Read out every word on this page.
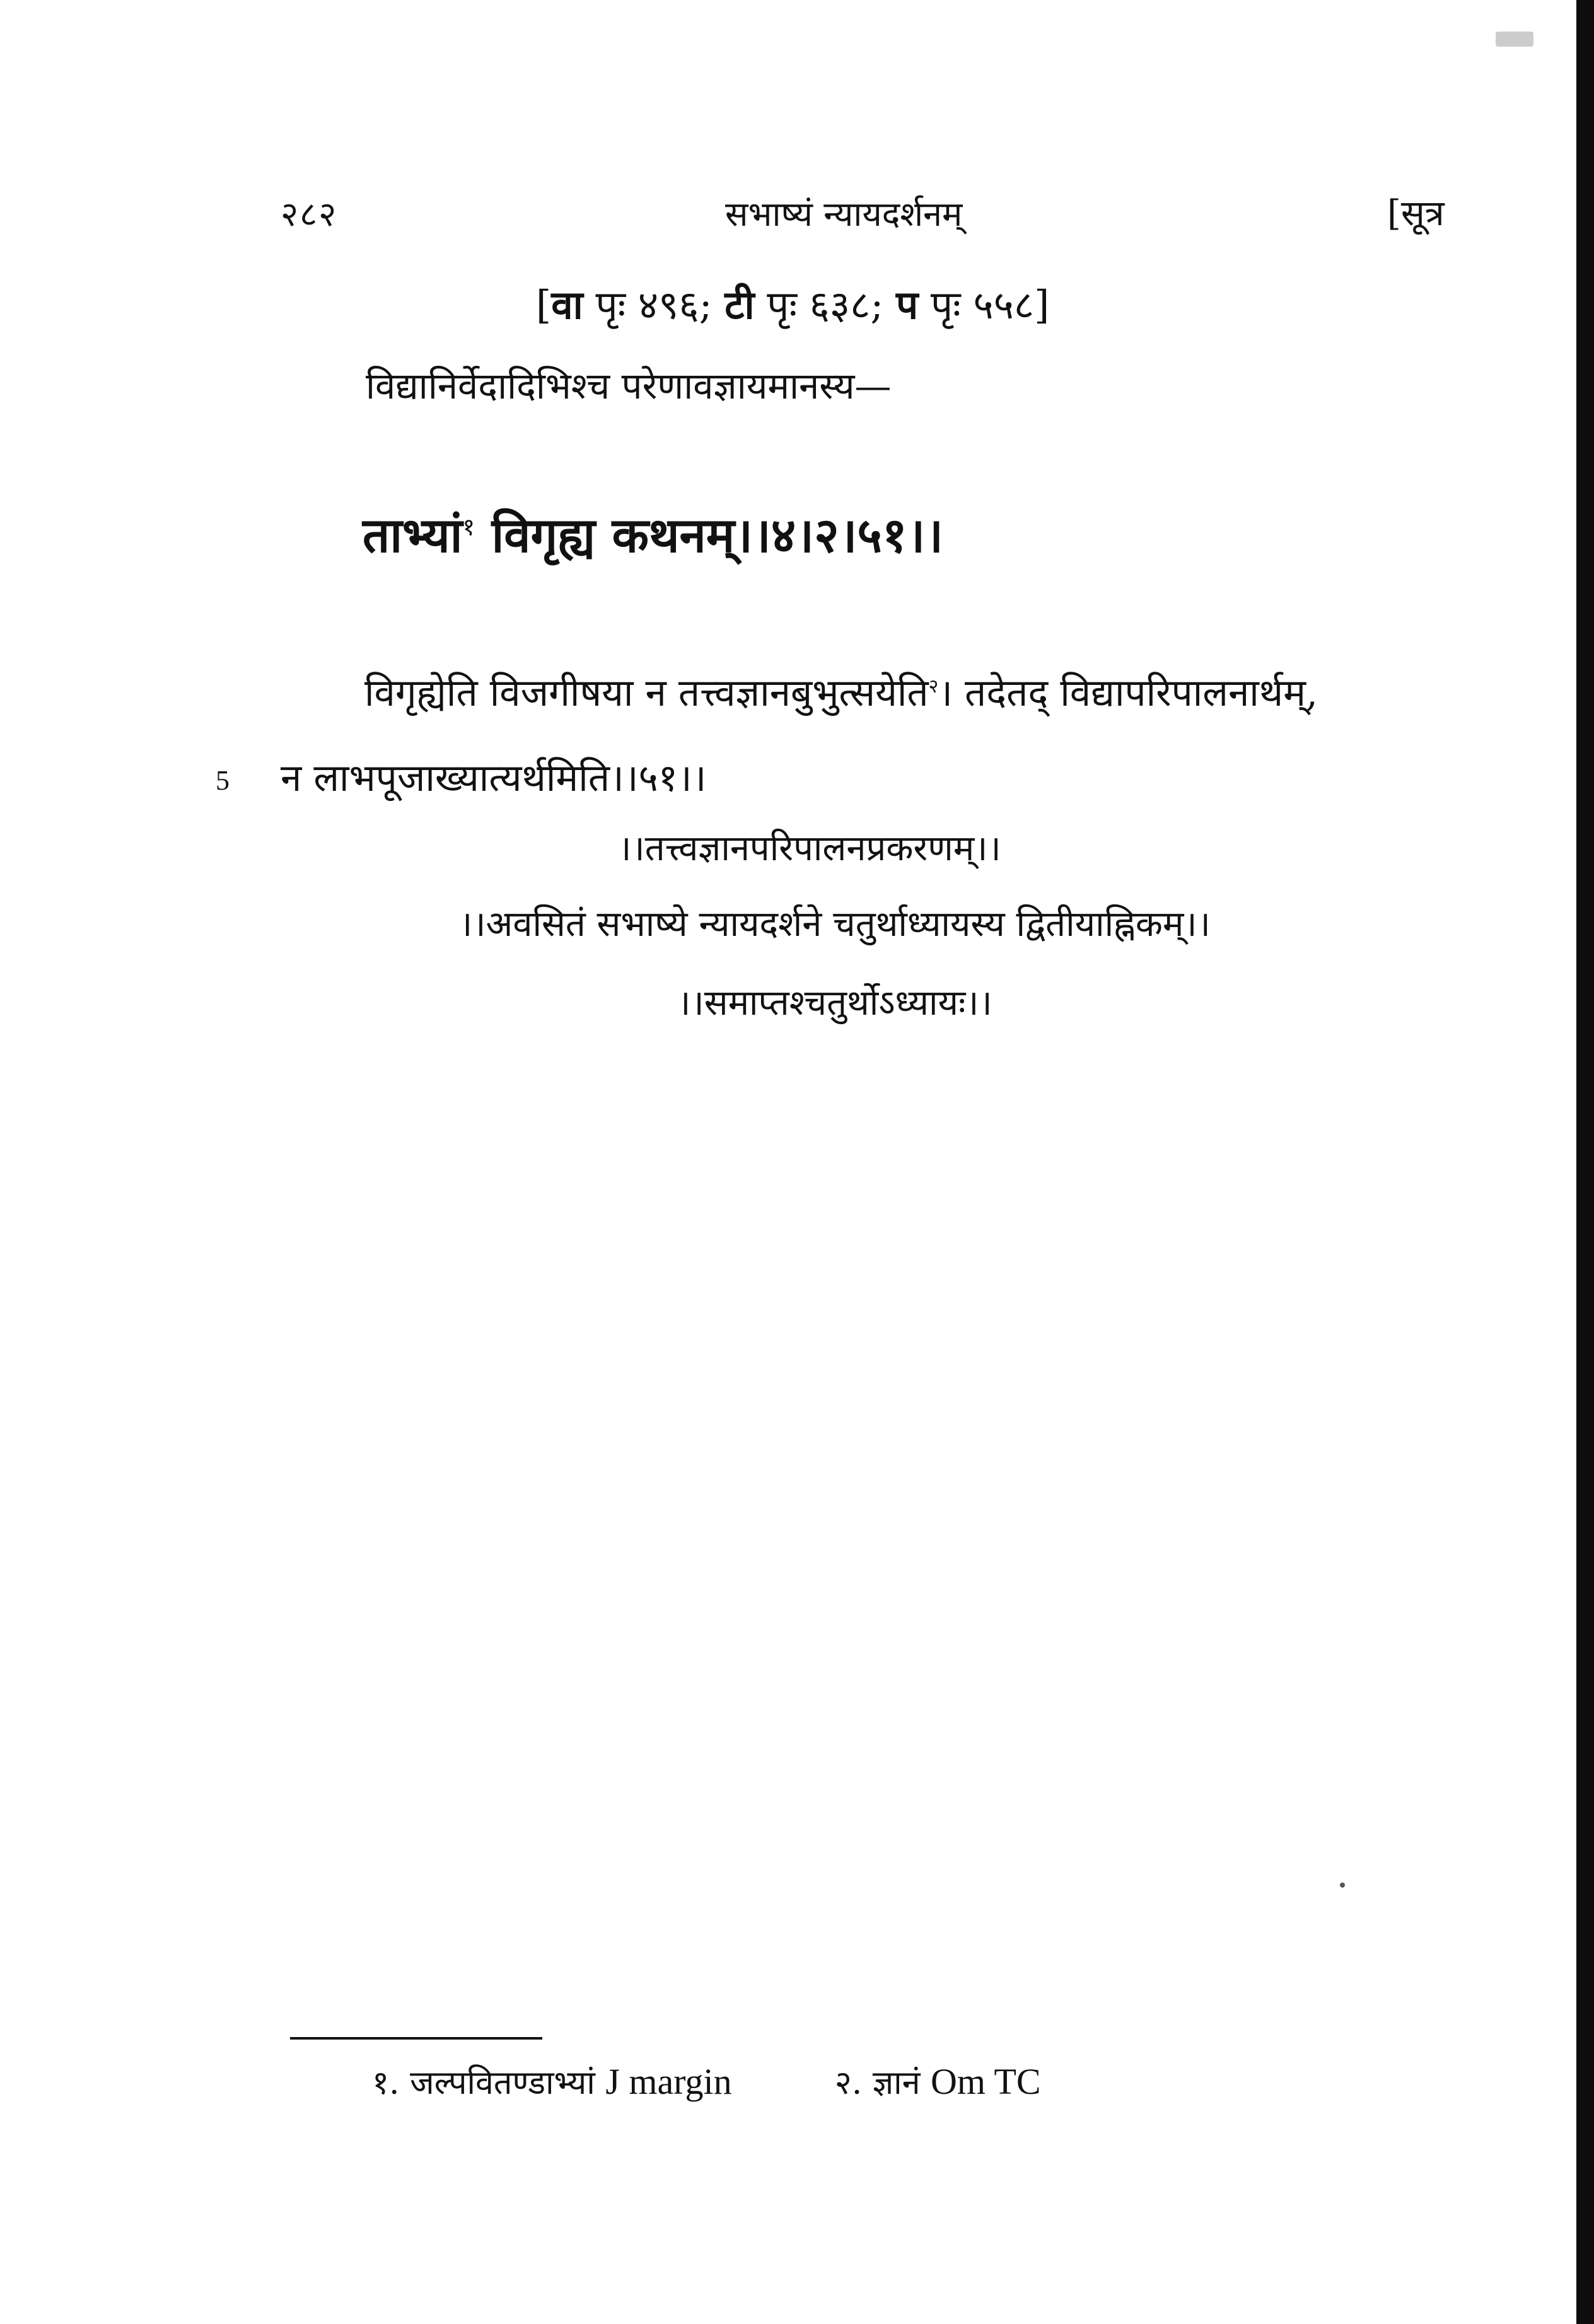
२८२	सभाष्यं न्यायदर्शनम्	[सूत्र
[वा पृः ४९६; टी पृः ६३८; प पृः ५५८]
विद्यानिर्वेदादिभिश्च परेणावज्ञायमानस्य—
ताभ्यां$^१$ विगृह्य कथनम्।।४।२।५१।।
विगृह्येति विजगीषया न तत्त्वज्ञानबुभुत्सयेति$^२$। तदेतद् विद्यापरिपालनार्थम्,
5 न लाभपूजाख्यात्यर्थमिति।।५१।।
।।तत्त्वज्ञानपरिपालनप्रकरणम्।।
।।अवसितं सभाष्ये न्यायदर्शने चतुर्थाध्यायस्य द्वितीयाह्निकम्।।
।।समाप्तश्चतुर्थोऽध्यायः।।
१. जल्पवितण्डाभ्यां J margin	२. ज्ञानं Om TC
